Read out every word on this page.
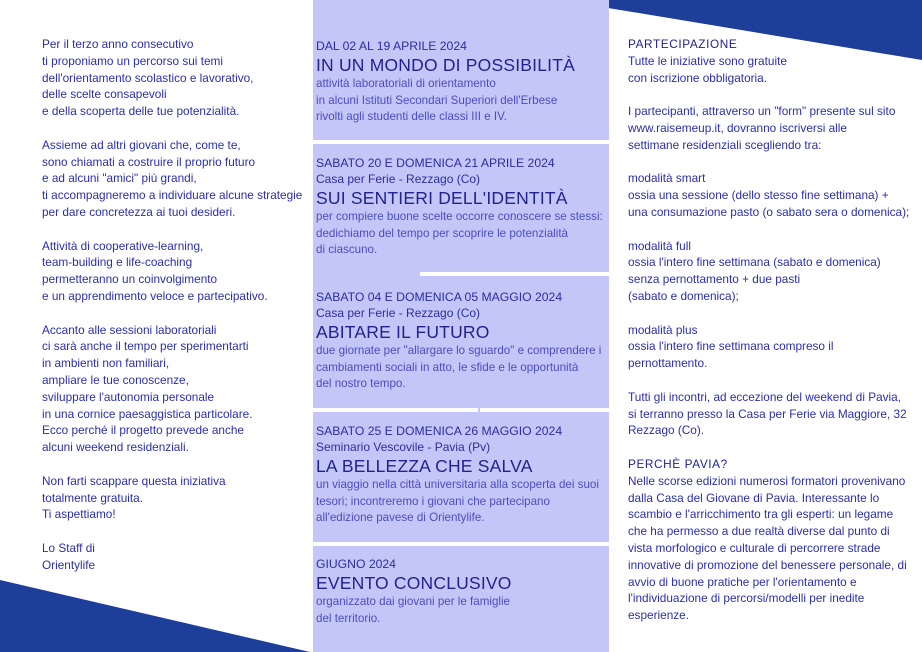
Per il terzo anno consecutivo
ti proponiamo un percorso sui temi
dell'orientamento scolastico e lavorativo,
delle scelte consapevoli
e della scoperta delle tue potenzialità.

Assieme ad altri giovani che, come te,
sono chiamati a costruire il proprio futuro
e ad alcuni "amici" più grandi,
ti accompagneremo a individuare alcune strategie
per dare concretezza ai tuoi desideri.

Attività di cooperative-learning,
team-building e life-coaching
permetteranno un coinvolgimento
e un apprendimento veloce e partecipativo.

Accanto alle sessioni laboratoriali
ci sarà anche il tempo per sperimentarti
in ambienti non familiari,
ampliare le tue conoscenze,
sviluppare l'autonomia personale
in una cornice paesaggistica particolare.
Ecco perché il progetto prevede anche
alcuni weekend residenziali.

Non farti scappare questa iniziativa
totalmente gratuita.
Ti aspettiamo!

Lo Staff di
Orientylife

DAL 02 AL 19 APRILE 2024
IN UN MONDO DI POSSIBILITÀ
attività laboratoriali di orientamento
in alcuni Istituti Secondari Superiori dell'Erbese
rivolti agli studenti delle classi III e IV.
SABATO 20 E DOMENICA 21 APRILE 2024
Casa per Ferie - Rezzago (Co)
SUI SENTIERI DELL'IDENTITÀ
per compiere buone scelte occorre conoscere se stessi:
dedichiamo del tempo per scoprire le potenzialità
di ciascuno.
SABATO 04 E DOMENICA 05 MAGGIO 2024
Casa per Ferie - Rezzago (Co)
ABITARE IL FUTURO
due giornate per "allargare lo sguardo" e comprendere i
cambiamenti sociali in atto, le sfide e le opportunità
del nostro tempo.
SABATO 25 E DOMENICA 26 MAGGIO 2024
Seminario Vescovile - Pavia (Pv)
LA BELLEZZA CHE SALVA
un viaggio nella città universitaria alla scoperta dei suoi
tesori; incontreremo i giovani che partecipano
all'edizione pavese di Orientylife.
GIUGNO 2024
EVENTO CONCLUSIVO
organizzato dai giovani per le famiglie
del territorio.
PARTECIPAZIONE
Tutte le iniziative sono gratuite
con iscrizione obbligatoria.
I partecipanti, attraverso un "form" presente sul sito
www.raisemeup.it, dovranno iscriversi alle
settimane residenziali scegliendo tra:
modalità smart
ossia una sessione (dello stesso fine settimana) +
una consumazione pasto (o sabato sera o domenica);
modalità full
ossia l'intero fine settimana (sabato e domenica)
senza pernottamento + due pasti
(sabato e domenica);
modalità plus
ossia l'intero fine settimana compreso il
pernottamento.
Tutti gli incontri, ad eccezione del weekend di Pavia,
si terranno presso la Casa per Ferie via Maggiore, 32
Rezzago (Co).
PERCHÈ PAVIA?
Nelle scorse edizioni numerosi formatori provenivano
dalla Casa del Giovane di Pavia. Interessante lo
scambio e l'arricchimento tra gli esperti: un legame
che ha permesso a due realtà diverse dal punto di
vista morfologico e culturale di percorrere strade
innovative di promozione del benessere personale, di
avvio di buone pratiche per l'orientamento e
l'individuazione di percorsi/modelli per inedite
esperienze.
